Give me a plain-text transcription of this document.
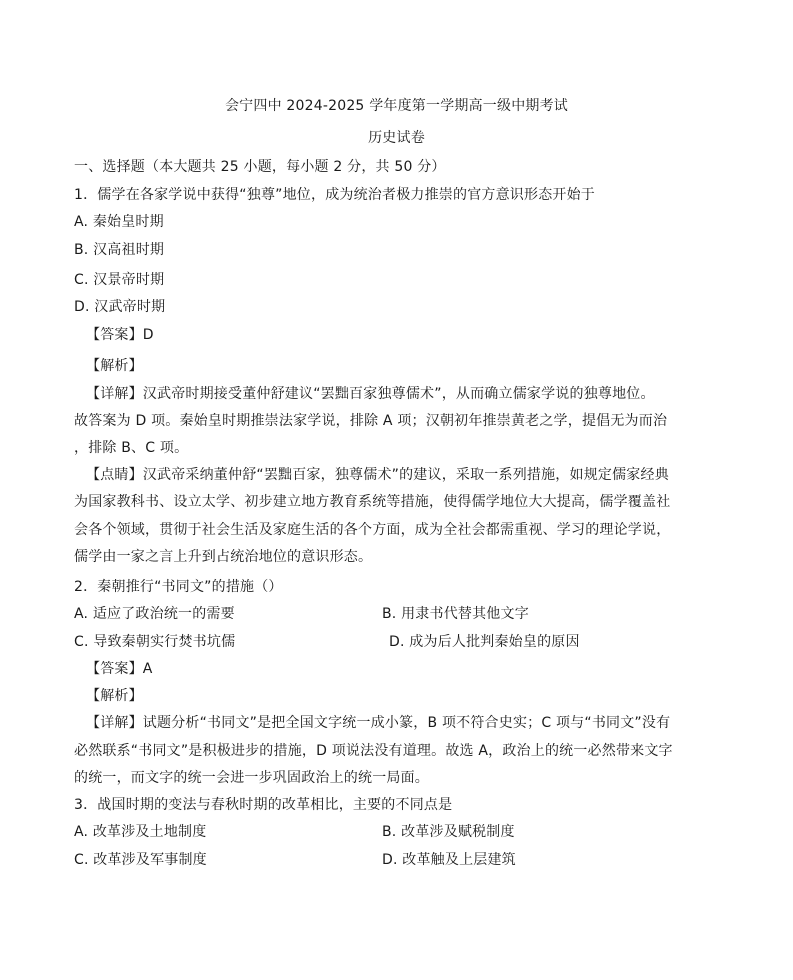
会宁四中 2024-2025 学年度第一学期高一级中期考试
历史试卷
一、选择题（本大题共 25 小题，每小题 2 分，共 50 分）
1．儒学在各家学说中获得“独尊”地位，成为统治者极力推崇的官方意识形态开始于
A. 秦始皇时期
B. 汉高祖时期
C. 汉景帝时期
D. 汉武帝时期
【答案】D
【解析】
【详解】汉武帝时期接受董仲舒建议“罢黜百家独尊儒术”，从而确立儒家学说的独尊地位。
故答案为 D 项。秦始皇时期推崇法家学说，排除 A 项；汉朝初年推崇黄老之学，提倡无为而治
，排除 B、C 项。
【点睛】汉武帝采纳董仲舒“罢黜百家，独尊儒术”的建议，采取一系列措施，如规定儒家经典
为国家教科书、设立太学、初步建立地方教育系统等措施，使得儒学地位大大提高，儒学覆盖社
会各个领域，贯彻于社会生活及家庭生活的各个方面，成为全社会都需重视、学习的理论学说，
儒学由一家之言上升到占统治地位的意识形态。
2．秦朝推行“书同文”的措施（）
A. 适应了政治统一的需要	B. 用隶书代替其他文字
C. 导致秦朝实行焚书坑儒	D. 成为后人批判秦始皇的原因
【答案】A
【解析】
【详解】试题分析“书同文”是把全国文字统一成小篆，B 项不符合史实；C 项与“书同文”没有
必然联系“书同文”是积极进步的措施，D 项说法没有道理。故选 A，政治上的统一必然带来文字
的统一，而文字的统一会进一步巩固政治上的统一局面。
3．战国时期的变法与春秋时期的改革相比，主要的不同点是
A. 改革涉及土地制度	B. 改革涉及赋税制度
C. 改革涉及军事制度	D. 改革触及上层建筑
